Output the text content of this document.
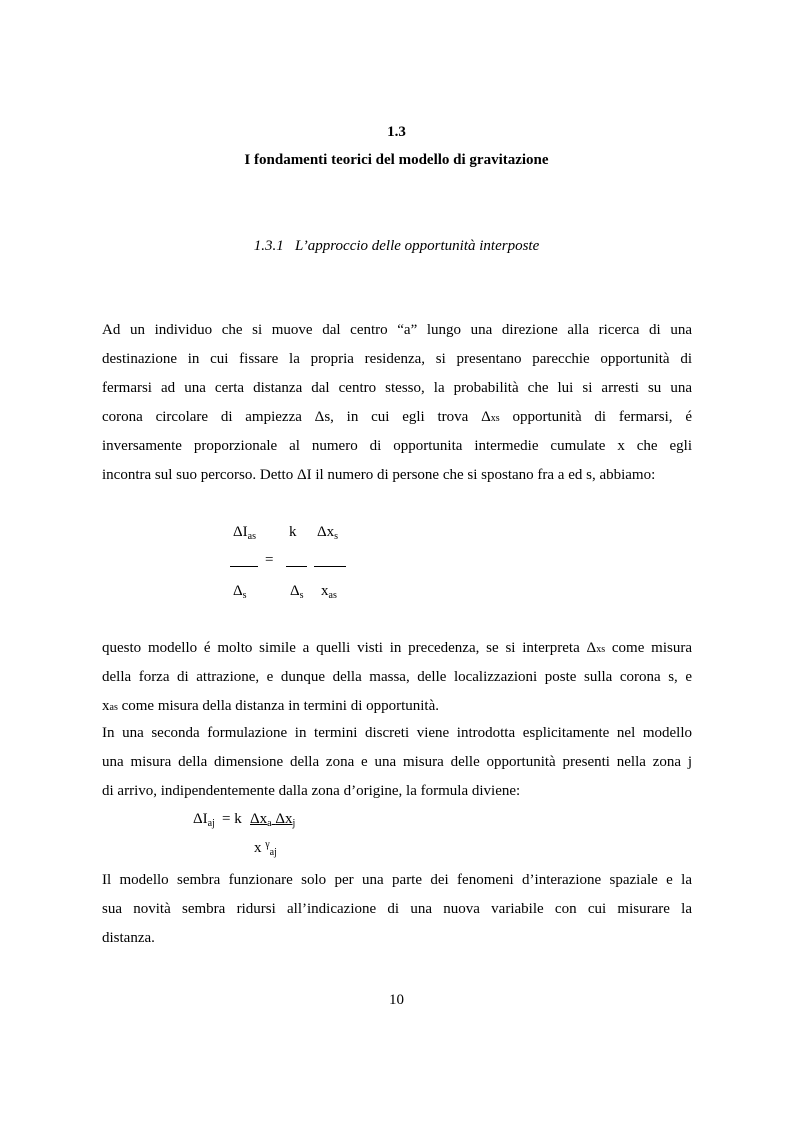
1.3
I fondamenti teorici del modello di gravitazione
1.3.1   L’approccio delle opportunità interposte
Ad un individuo che si muove dal centro “a” lungo una direzione alla ricerca di una
destinazione in cui fissare la propria residenza, si presentano parecchie opportunità di
fermarsi ad una certa distanza dal centro stesso, la probabilità che lui si arresti su una
corona circolare di ampiezza Δs, in cui egli trova Δxs opportunità di fermarsi, é
inversamente proporzionale al numero di opportunita intermedie cumulate x che egli
incontra sul suo percorso. Detto ΔI il numero di persone che si spostano fra a ed s, abbiamo:
$\Delta I_{as}$ k $\Delta x_s$
=
$\Delta_s$	$\Delta_s$ $x_{as}$
questo modello é molto simile a quelli visti in precedenza, se si interpreta Δxs come misura
della forza di attrazione, e dunque della massa, delle localizzazioni poste sulla corona s, e
xas come misura della distanza in termini di opportunità.
In una seconda formulazione in termini discreti viene introdotta esplicitamente nel modello
una misura della dimensione della zona e una misura delle opportunità presenti nella zona j
di arrivo, indipendentemente dalla zona d’origine, la formula diviene:
$\Delta I_{aj} = k$ $\Delta x_a$ $\Delta x_j$
x $^\gamma_{aj}$
Il modello sembra funzionare solo per una parte dei fenomeni d’interazione spaziale e la
sua novità sembra ridursi all’indicazione di una nuova variabile con cui misurare la
distanza.
10
